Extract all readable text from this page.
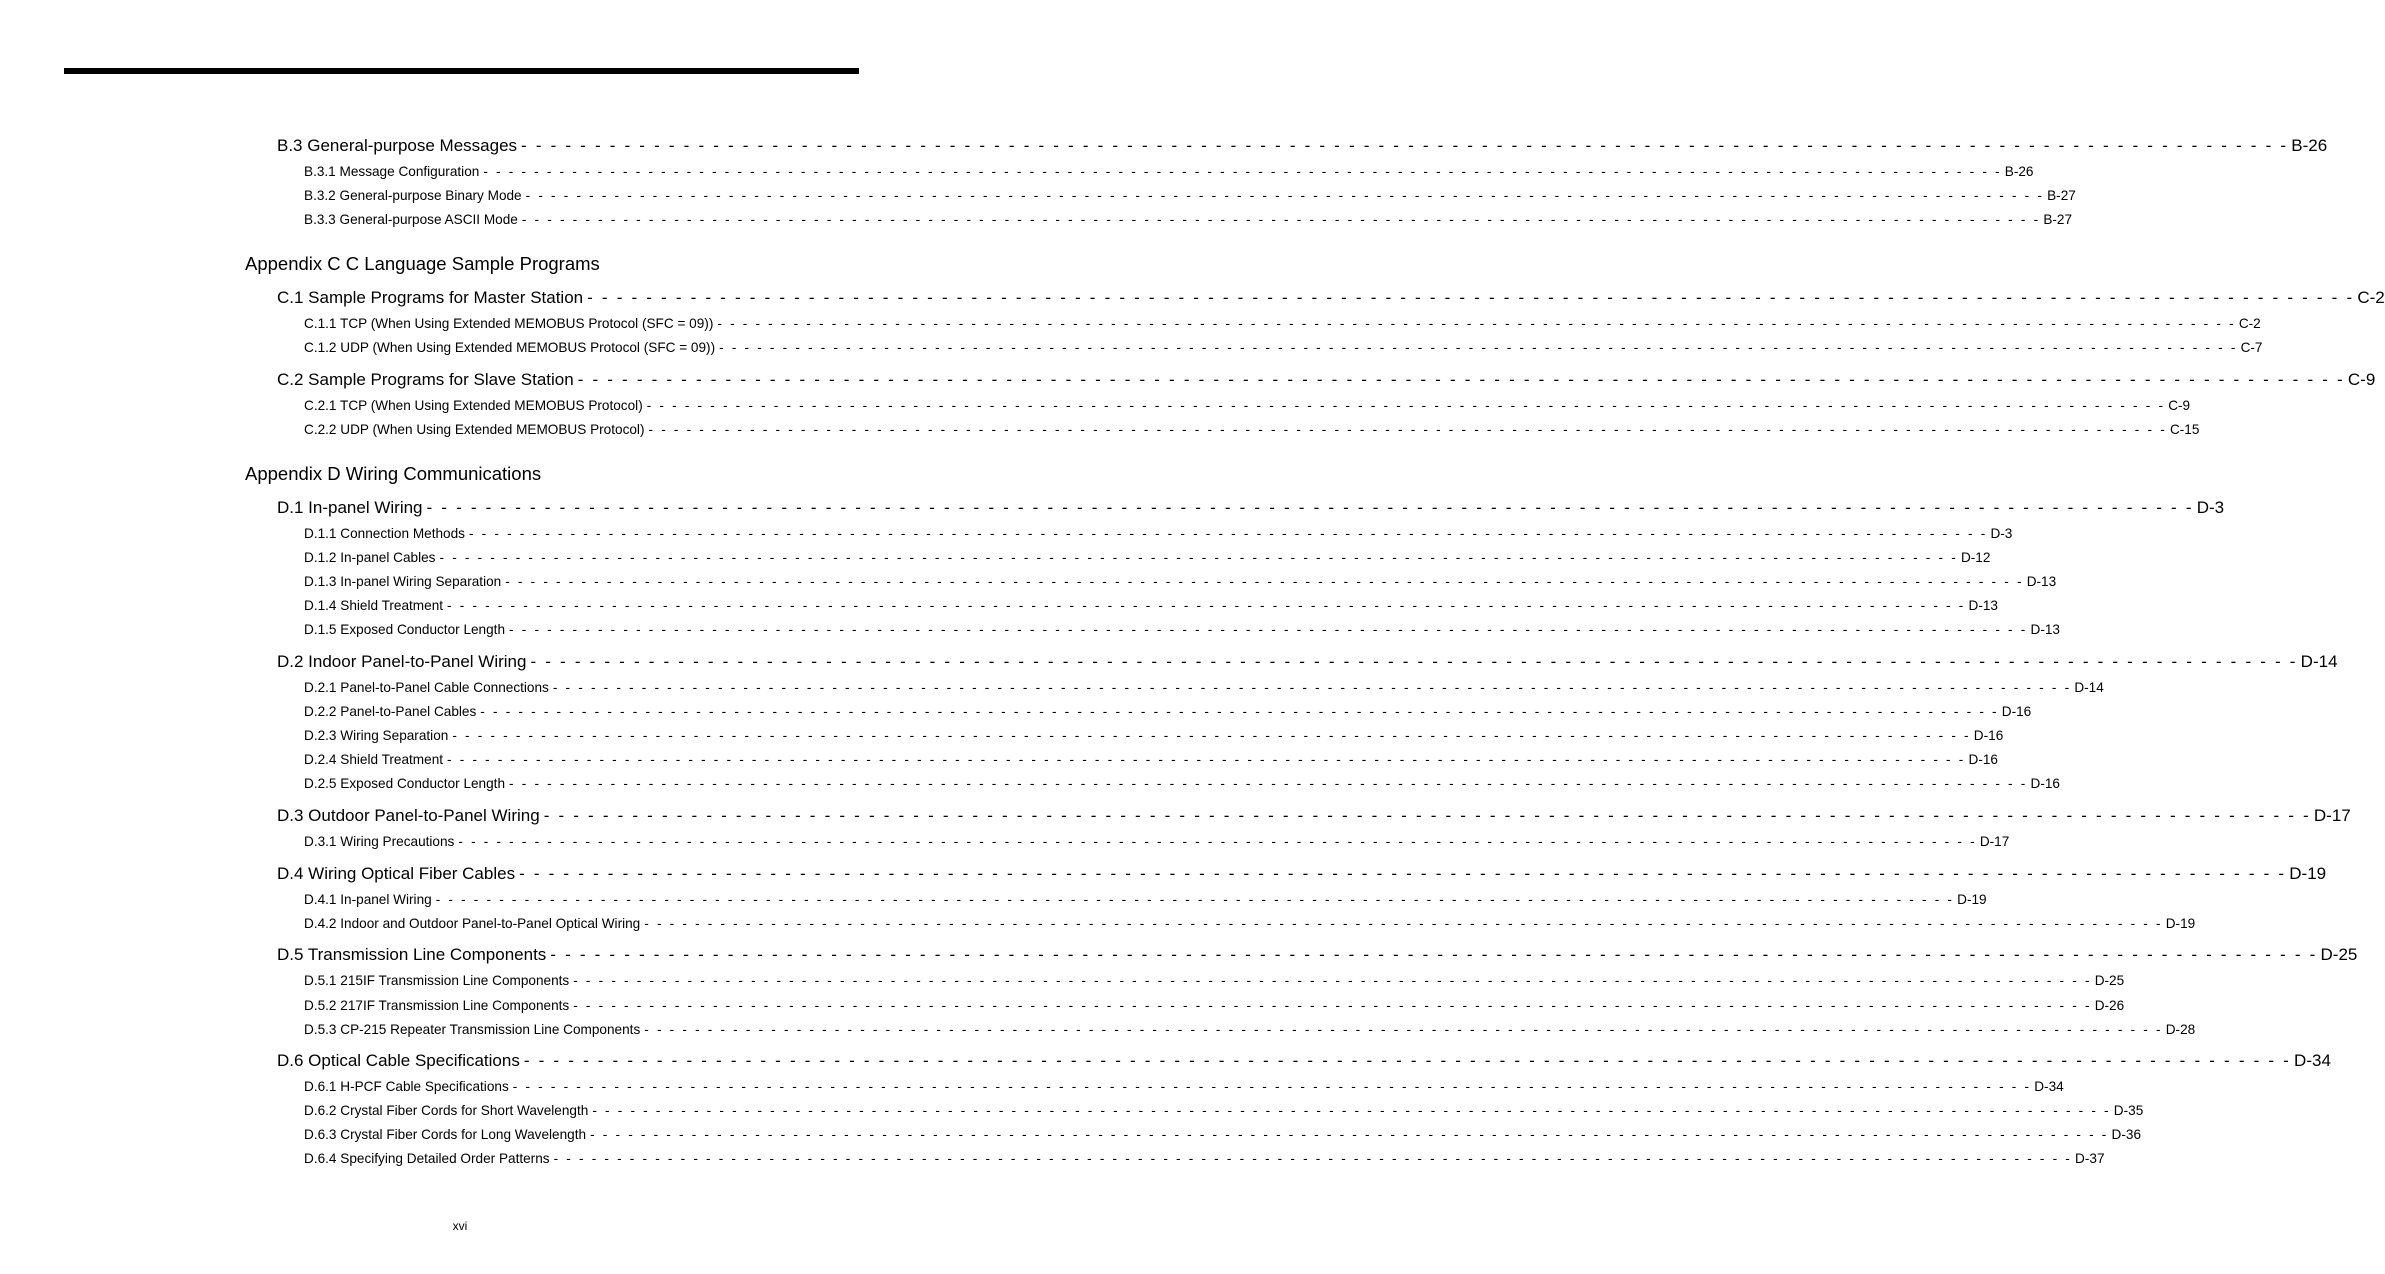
B.3 General-purpose Messages - - - - - - - - - - - - - - - - - - - - - - - - - - - - - - - - - - - - - - - - - - - - - - - - - - - - - - - - - - - - - - - - - - - - - - - - - - - - - - - - - - - - - - - - - - - - - - - - - - - - - - - - - - - - - - - - - - - - - - - - B-26
B.3.1 Message Configuration - - - - - - - - - - - - - - - - - - - - - - - - - - - - - - - - - - - - - - - - - - - - - - - - - - - - - - - - - - - - - - - - - - - - - - - - - - - - - - - - - - - - - - - - - - - - - - - - - - - - - - - - - - - - - - - - - - - - - - - - B-26
B.3.2 General-purpose Binary Mode - - - - - - - - - - - - - - - - - - - - - - - - - - - - - - - - - - - - - - - - - - - - - - - - - - - - - - - - - - - - - - - - - - - - - - - - - - - - - - - - - - - - - - - - - - - - - - - - - - - - - - - - - - - - - - - - - - - - - - - - B-27
B.3.3 General-purpose ASCII Mode - - - - - - - - - - - - - - - - - - - - - - - - - - - - - - - - - - - - - - - - - - - - - - - - - - - - - - - - - - - - - - - - - - - - - - - - - - - - - - - - - - - - - - - - - - - - - - - - - - - - - - - - - - - - - - - - - - - - - - - - B-27
Appendix C C Language Sample Programs
C.1 Sample Programs for Master Station - - - - - - - - - - - - - - - - - - - - - - - - - - - - - - - - - - - - - - - - - - - - - - - - - - - - - - - - - - - - - - - - - - - - - - - - - - - - - - - - - - - - - - - - - - - - - - - - - - - - - - - - - - - - - - - - - - - - - - - - C-2
C.1.1 TCP (When Using Extended MEMOBUS Protocol (SFC = 09)) - - - - - - - - - - - - - - - - - - - - - - - - - - - - - - - - - - - - - - - - - - - - - - - - - - - - - - - - - - - - - - - - - - - - - - - - - - - - - - - - - - - - - - - - - - - - - - - - - - - - - - - - - - - - - - - - - - - - - - - - C-2
C.1.2 UDP (When Using Extended MEMOBUS Protocol (SFC = 09)) - - - - - - - - - - - - - - - - - - - - - - - - - - - - - - - - - - - - - - - - - - - - - - - - - - - - - - - - - - - - - - - - - - - - - - - - - - - - - - - - - - - - - - - - - - - - - - - - - - - - - - - - - - - - - - - - - - - - - - - - C-7
C.2 Sample Programs for Slave Station - - - - - - - - - - - - - - - - - - - - - - - - - - - - - - - - - - - - - - - - - - - - - - - - - - - - - - - - - - - - - - - - - - - - - - - - - - - - - - - - - - - - - - - - - - - - - - - - - - - - - - - - - - - - - - - - - - - - - - - - C-9
C.2.1 TCP (When Using Extended MEMOBUS Protocol) - - - - - - - - - - - - - - - - - - - - - - - - - - - - - - - - - - - - - - - - - - - - - - - - - - - - - - - - - - - - - - - - - - - - - - - - - - - - - - - - - - - - - - - - - - - - - - - - - - - - - - - - - - - - - - - - - - - - - - - - C-9
C.2.2 UDP (When Using Extended MEMOBUS Protocol) - - - - - - - - - - - - - - - - - - - - - - - - - - - - - - - - - - - - - - - - - - - - - - - - - - - - - - - - - - - - - - - - - - - - - - - - - - - - - - - - - - - - - - - - - - - - - - - - - - - - - - - - - - - - - - - - - - - - - - - - C-15
Appendix D Wiring Communications
D.1 In-panel Wiring - - - - - - - - - - - - - - - - - - - - - - - - - - - - - - - - - - - - - - - - - - - - - - - - - - - - - - - - - - - - - - - - - - - - - - - - - - - - - - - - - - - - - - - - - - - - - - - - - - - - - - - - - - - - - - - - - - - - - - - - D-3
D.1.1 Connection Methods - - - - - - - - - - - - - - - - - - - - - - - - - - - - - - - - - - - - - - - - - - - - - - - - - - - - - - - - - - - - - - - - - - - - - - - - - - - - - - - - - - - - - - - - - - - - - - - - - - - - - - - - - - - - - - - - - - - - - - - - D-3
D.1.2 In-panel Cables - - - - - - - - - - - - - - - - - - - - - - - - - - - - - - - - - - - - - - - - - - - - - - - - - - - - - - - - - - - - - - - - - - - - - - - - - - - - - - - - - - - - - - - - - - - - - - - - - - - - - - - - - - - - - - - - - - - - - - - - D-12
D.1.3 In-panel Wiring Separation - - - - - - - - - - - - - - - - - - - - - - - - - - - - - - - - - - - - - - - - - - - - - - - - - - - - - - - - - - - - - - - - - - - - - - - - - - - - - - - - - - - - - - - - - - - - - - - - - - - - - - - - - - - - - - - - - - - - - - - - D-13
D.1.4 Shield Treatment - - - - - - - - - - - - - - - - - - - - - - - - - - - - - - - - - - - - - - - - - - - - - - - - - - - - - - - - - - - - - - - - - - - - - - - - - - - - - - - - - - - - - - - - - - - - - - - - - - - - - - - - - - - - - - - - - - - - - - - - D-13
D.1.5 Exposed Conductor Length - - - - - - - - - - - - - - - - - - - - - - - - - - - - - - - - - - - - - - - - - - - - - - - - - - - - - - - - - - - - - - - - - - - - - - - - - - - - - - - - - - - - - - - - - - - - - - - - - - - - - - - - - - - - - - - - - - - - - - - - D-13
D.2 Indoor Panel-to-Panel Wiring - - - - - - - - - - - - - - - - - - - - - - - - - - - - - - - - - - - - - - - - - - - - - - - - - - - - - - - - - - - - - - - - - - - - - - - - - - - - - - - - - - - - - - - - - - - - - - - - - - - - - - - - - - - - - - - - - - - - - - - - D-14
D.2.1 Panel-to-Panel Cable Connections - - - - - - - - - - - - - - - - - - - - - - - - - - - - - - - - - - - - - - - - - - - - - - - - - - - - - - - - - - - - - - - - - - - - - - - - - - - - - - - - - - - - - - - - - - - - - - - - - - - - - - - - - - - - - - - - - - - - - - - - D-14
D.2.2 Panel-to-Panel Cables - - - - - - - - - - - - - - - - - - - - - - - - - - - - - - - - - - - - - - - - - - - - - - - - - - - - - - - - - - - - - - - - - - - - - - - - - - - - - - - - - - - - - - - - - - - - - - - - - - - - - - - - - - - - - - - - - - - - - - - - D-16
D.2.3 Wiring Separation - - - - - - - - - - - - - - - - - - - - - - - - - - - - - - - - - - - - - - - - - - - - - - - - - - - - - - - - - - - - - - - - - - - - - - - - - - - - - - - - - - - - - - - - - - - - - - - - - - - - - - - - - - - - - - - - - - - - - - - - D-16
D.2.4 Shield Treatment - - - - - - - - - - - - - - - - - - - - - - - - - - - - - - - - - - - - - - - - - - - - - - - - - - - - - - - - - - - - - - - - - - - - - - - - - - - - - - - - - - - - - - - - - - - - - - - - - - - - - - - - - - - - - - - - - - - - - - - - D-16
D.2.5 Exposed Conductor Length - - - - - - - - - - - - - - - - - - - - - - - - - - - - - - - - - - - - - - - - - - - - - - - - - - - - - - - - - - - - - - - - - - - - - - - - - - - - - - - - - - - - - - - - - - - - - - - - - - - - - - - - - - - - - - - - - - - - - - - - D-16
D.3 Outdoor Panel-to-Panel Wiring - - - - - - - - - - - - - - - - - - - - - - - - - - - - - - - - - - - - - - - - - - - - - - - - - - - - - - - - - - - - - - - - - - - - - - - - - - - - - - - - - - - - - - - - - - - - - - - - - - - - - - - - - - - - - - - - - - - - - - - - D-17
D.3.1 Wiring Precautions - - - - - - - - - - - - - - - - - - - - - - - - - - - - - - - - - - - - - - - - - - - - - - - - - - - - - - - - - - - - - - - - - - - - - - - - - - - - - - - - - - - - - - - - - - - - - - - - - - - - - - - - - - - - - - - - - - - - - - - - D-17
D.4 Wiring Optical Fiber Cables - - - - - - - - - - - - - - - - - - - - - - - - - - - - - - - - - - - - - - - - - - - - - - - - - - - - - - - - - - - - - - - - - - - - - - - - - - - - - - - - - - - - - - - - - - - - - - - - - - - - - - - - - - - - - - - - - - - - - - - - D-19
D.4.1 In-panel Wiring - - - - - - - - - - - - - - - - - - - - - - - - - - - - - - - - - - - - - - - - - - - - - - - - - - - - - - - - - - - - - - - - - - - - - - - - - - - - - - - - - - - - - - - - - - - - - - - - - - - - - - - - - - - - - - - - - - - - - - - - D-19
D.4.2 Indoor and Outdoor Panel-to-Panel Optical Wiring - - - - - - - - - - - - - - - - - - - - - - - - - - - - - - - - - - - - - - - - - - - - - - - - - - - - - - - - - - - - - - - - - - - - - - - - - - - - - - - - - - - - - - - - - - - - - - - - - - - - - - - - - - - - - - - - - - - - - - - - D-19
D.5 Transmission Line Components - - - - - - - - - - - - - - - - - - - - - - - - - - - - - - - - - - - - - - - - - - - - - - - - - - - - - - - - - - - - - - - - - - - - - - - - - - - - - - - - - - - - - - - - - - - - - - - - - - - - - - - - - - - - - - - - - - - - - - - - D-25
D.5.1 215IF Transmission Line Components - - - - - - - - - - - - - - - - - - - - - - - - - - - - - - - - - - - - - - - - - - - - - - - - - - - - - - - - - - - - - - - - - - - - - - - - - - - - - - - - - - - - - - - - - - - - - - - - - - - - - - - - - - - - - - - - - - - - - - - - D-25
D.5.2 217IF Transmission Line Components - - - - - - - - - - - - - - - - - - - - - - - - - - - - - - - - - - - - - - - - - - - - - - - - - - - - - - - - - - - - - - - - - - - - - - - - - - - - - - - - - - - - - - - - - - - - - - - - - - - - - - - - - - - - - - - - - - - - - - - - D-26
D.5.3 CP-215 Repeater Transmission Line Components - - - - - - - - - - - - - - - - - - - - - - - - - - - - - - - - - - - - - - - - - - - - - - - - - - - - - - - - - - - - - - - - - - - - - - - - - - - - - - - - - - - - - - - - - - - - - - - - - - - - - - - - - - - - - - - - - - - - - - - - D-28
D.6 Optical Cable Specifications - - - - - - - - - - - - - - - - - - - - - - - - - - - - - - - - - - - - - - - - - - - - - - - - - - - - - - - - - - - - - - - - - - - - - - - - - - - - - - - - - - - - - - - - - - - - - - - - - - - - - - - - - - - - - - - - - - - - - - - - D-34
D.6.1 H-PCF Cable Specifications - - - - - - - - - - - - - - - - - - - - - - - - - - - - - - - - - - - - - - - - - - - - - - - - - - - - - - - - - - - - - - - - - - - - - - - - - - - - - - - - - - - - - - - - - - - - - - - - - - - - - - - - - - - - - - - - - - - - - - - - D-34
D.6.2 Crystal Fiber Cords for Short Wavelength - - - - - - - - - - - - - - - - - - - - - - - - - - - - - - - - - - - - - - - - - - - - - - - - - - - - - - - - - - - - - - - - - - - - - - - - - - - - - - - - - - - - - - - - - - - - - - - - - - - - - - - - - - - - - - - - - - - - - - - - D-35
D.6.3 Crystal Fiber Cords for Long Wavelength - - - - - - - - - - - - - - - - - - - - - - - - - - - - - - - - - - - - - - - - - - - - - - - - - - - - - - - - - - - - - - - - - - - - - - - - - - - - - - - - - - - - - - - - - - - - - - - - - - - - - - - - - - - - - - - - - - - - - - - - D-36
D.6.4 Specifying Detailed Order Patterns - - - - - - - - - - - - - - - - - - - - - - - - - - - - - - - - - - - - - - - - - - - - - - - - - - - - - - - - - - - - - - - - - - - - - - - - - - - - - - - - - - - - - - - - - - - - - - - - - - - - - - - - - - - - - - - - - - - - - - - - D-37
xvi
